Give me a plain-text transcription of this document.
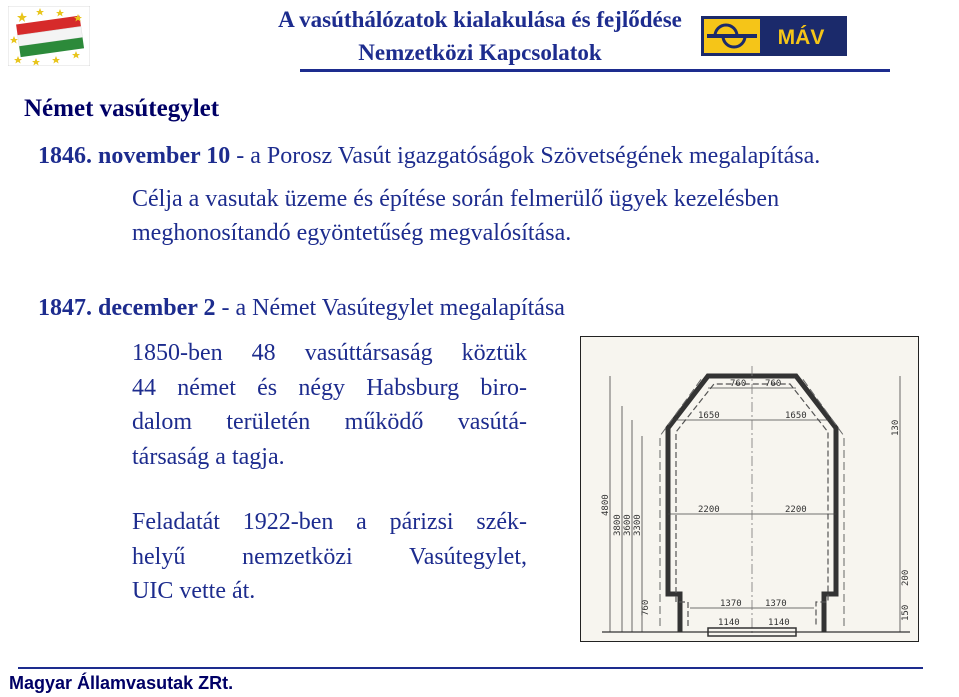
A vasúthálózatok kialakulása és fejlődése
Nemzetközi Kapcsolatok
MÁV
Német vasútegylet
1846. november 10 - a Porosz Vasút igazgatóságok Szövetségének megalapítása.
Célja a vasutak üzeme és építése során felmerülő ügyek kezelésben
meghonosítandó egyöntetűség megvalósítása.
1847. december 2 - a Német Vasútegylet megalapítása
1850-ben 48 vasúttársaság köztük
44 német és négy Habsburg biro-
dalom területén működő vasútá-
társaság a tagja.
Feladatát 1922-ben a párizsi szék-
helyű nemzetközi Vasútegylet,
UIC vette át.
760 760
1650	1650
2200	2200
1370	1370
1140	1140
4800
3800 3600 3300
760
200
150
130
Magyar Államvasutak ZRt.
